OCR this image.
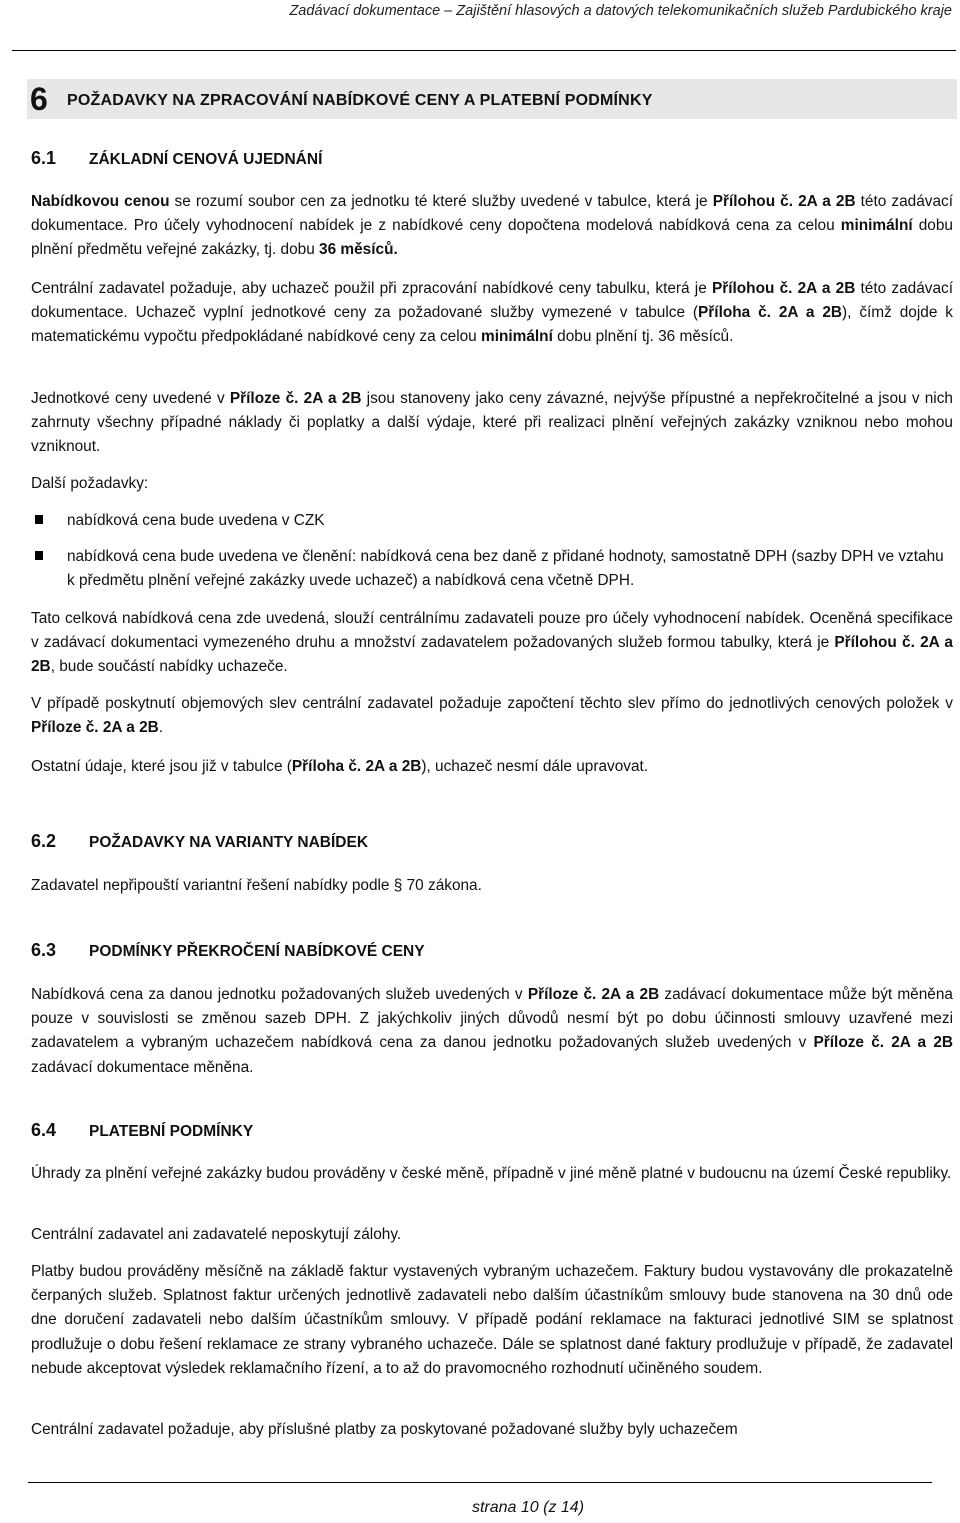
Zadávací dokumentace – Zajištění hlasových a datových telekomunikačních služeb Pardubického kraje
6 POŽADAVKY NA ZPRACOVÁNÍ NABÍDKOVÉ CENY A PLATEBNÍ PODMÍNKY
6.1 ZÁKLADNÍ CENOVÁ UJEDNÁNÍ
Nabídkovou cenou se rozumí soubor cen za jednotku té které služby uvedené v tabulce, která je Přílohou č. 2A a 2B této zadávací dokumentace. Pro účely vyhodnocení nabídek je z nabídkové ceny dopočtena modelová nabídková cena za celou minimální dobu plnění předmětu veřejné zakázky, tj. dobu 36 měsíců.
Centrální zadavatel požaduje, aby uchazeč použil při zpracování nabídkové ceny tabulku, která je Přílohou č. 2A a 2B této zadávací dokumentace. Uchazeč vyplní jednotkové ceny za požadované služby vymezené v tabulce (Příloha č. 2A a 2B), čímž dojde k matematickému vypočtu předpokládané nabídkové ceny za celou minimální dobu plnění tj. 36 měsíců.
Jednotkové ceny uvedené v Příloze č. 2A a 2B jsou stanoveny jako ceny závazné, nejvýše přípustné a nepřekročitelné a jsou v nich zahrnuty všechny případné náklady či poplatky a další výdaje, které při realizaci plnění veřejných zakázky vzniknou nebo mohou vzniknout.
Další požadavky:
nabídková cena bude uvedena v CZK
nabídková cena bude uvedena ve členění: nabídková cena bez daně z přidané hodnoty, samostatně DPH (sazby DPH ve vztahu k předmětu plnění veřejné zakázky uvede uchazeč) a nabídková cena včetně DPH.
Tato celková nabídková cena zde uvedená, slouží centrálnímu zadavateli pouze pro účely vyhodnocení nabídek. Oceněná specifikace v zadávací dokumentaci vymezeného druhu a množství zadavatelem požadovaných služeb formou tabulky, která je Přílohou č. 2A a 2B, bude součástí nabídky uchazeče.
V případě poskytnutí objemových slev centrální zadavatel požaduje započtení těchto slev přímo do jednotlivých cenových položek v Příloze č. 2A a 2B.
Ostatní údaje, které jsou již v tabulce (Příloha č. 2A a 2B), uchazeč nesmí dále upravovat.
6.2 POŽADAVKY NA VARIANTY NABÍDEK
Zadavatel nepřipouští variantní řešení nabídky podle § 70 zákona.
6.3 PODMÍNKY PŘEKROČENÍ NABÍDKOVÉ CENY
Nabídková cena za danou jednotku požadovaných služeb uvedených v Příloze č. 2A a 2B zadávací dokumentace může být měněna pouze v souvislosti se změnou sazeb DPH. Z jakýchkoliv jiných důvodů nesmí být po dobu účinnosti smlouvy uzavřené mezi zadavatelem a vybraným uchazečem nabídková cena za danou jednotku požadovaných služeb uvedených v Příloze č. 2A a 2B zadávací dokumentace měněna.
6.4 PLATEBNÍ PODMÍNKY
Úhrady za plnění veřejné zakázky budou prováděny v české měně, případně v jiné měně platné v budoucnu na území České republiky.
Centrální zadavatel ani zadavatelé neposkytují zálohy.
Platby budou prováděny měsíčně na základě faktur vystavených vybraným uchazečem. Faktury budou vystavovány dle prokazatelně čerpaných služeb. Splatnost faktur určených jednotlivě zadavateli nebo dalším účastníkům smlouvy bude stanovena na 30 dnů ode dne doručení zadavateli nebo dalším účastníkům smlouvy. V případě podání reklamace na fakturaci jednotlivé SIM se splatnost prodlužuje o dobu řešení reklamace ze strany vybraného uchazeče. Dále se splatnost dané faktury prodlužuje v případě, že zadavatel nebude akceptovat výsledek reklamačního řízení, a to až do pravomocného rozhodnutí učiněného soudem.
Centrální zadavatel požaduje, aby příslušné platby za poskytované požadované služby byly uchazečem
strana 10 (z 14)
